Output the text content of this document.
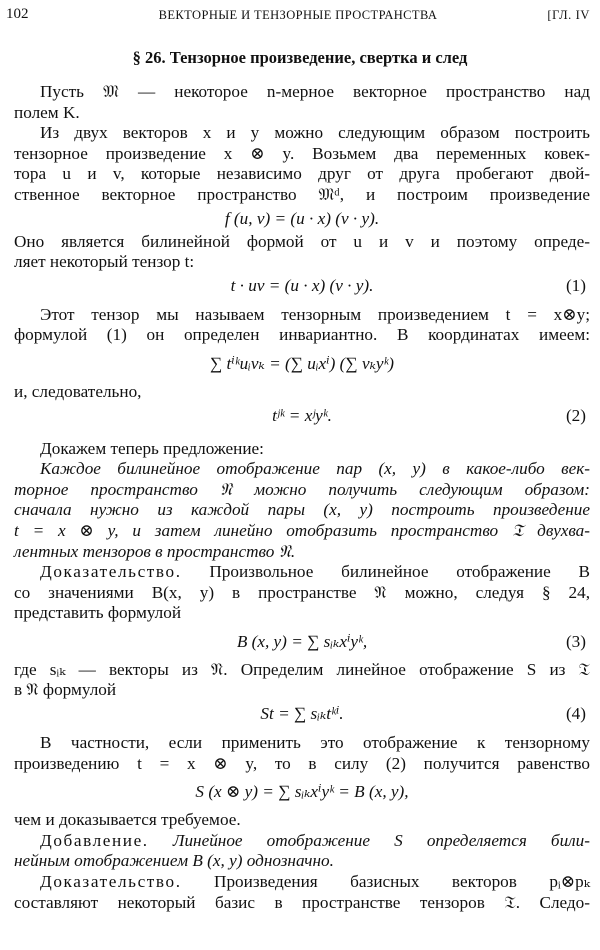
102	ВЕКТОРНЫЕ И ТЕНЗОРНЫЕ ПРОСТРАНСТВА	[ГЛ. IV
§ 26. Тензорное произведение, свертка и след
Пусть 𝔐 — некоторое n-мерное векторное пространство над
полем K.
Из двух векторов x и y можно следующим образом построить
тензорное произведение x ⊗ y. Возьмем два переменных ковек-
тора u и v, которые независимо друг от друга пробегают двой-
ственное векторное пространство 𝔐ᵈ, и построим произведение
f (u, v) = (u · x) (v · y).
Оно является билинейной формой от u и v и поэтому опреде-
ляет некоторый тензор t:
t · uv = (u · x) (v · y).	(1)
Этот тензор мы называем тензорным произведением t = x⊗y;
формулой (1) он определен инвариантно. В координатах имеем:
∑ tⁱᵏuᵢvₖ = (∑ uᵢxⁱ) (∑ vₖyᵏ)
и, следовательно,
tʲᵏ = xʲyᵏ.	(2)
Докажем теперь предложение:
Каждое билинейное отображение пар (x, y) в какое-либо век-
торное пространство 𝔑 можно получить следующим образом:
сначала нужно из каждой пары (x, y) построить произведение
t = x ⊗ y, и затем линейно отобразить пространство 𝔗 двухва-
лентных тензоров в пространство 𝔑.
Доказательство. Произвольное билинейное отображение B
со значениями B(x, y) в пространстве 𝔑 можно, следуя § 24,
представить формулой
B (x, y) = ∑ sᵢₖxⁱyᵏ,	(3)
где sᵢₖ — векторы из 𝔑. Определим линейное отображение S из 𝔗
в 𝔑 формулой
St = ∑ sᵢₖtᵏⁱ.	(4)
В частности, если применить это отображение к тензорному
произведению t = x ⊗ y, то в силу (2) получится равенство
S (x ⊗ y) = ∑ sᵢₖxⁱyᵏ = B (x, y),
чем и доказывается требуемое.
Добавление. Линейное отображение S определяется били-
нейным отображением B (x, y) однозначно.
Доказательство. Произведения базисных векторов pᵢ⊗pₖ
составляют некоторый базис в пространстве тензоров 𝔗. Следо-
